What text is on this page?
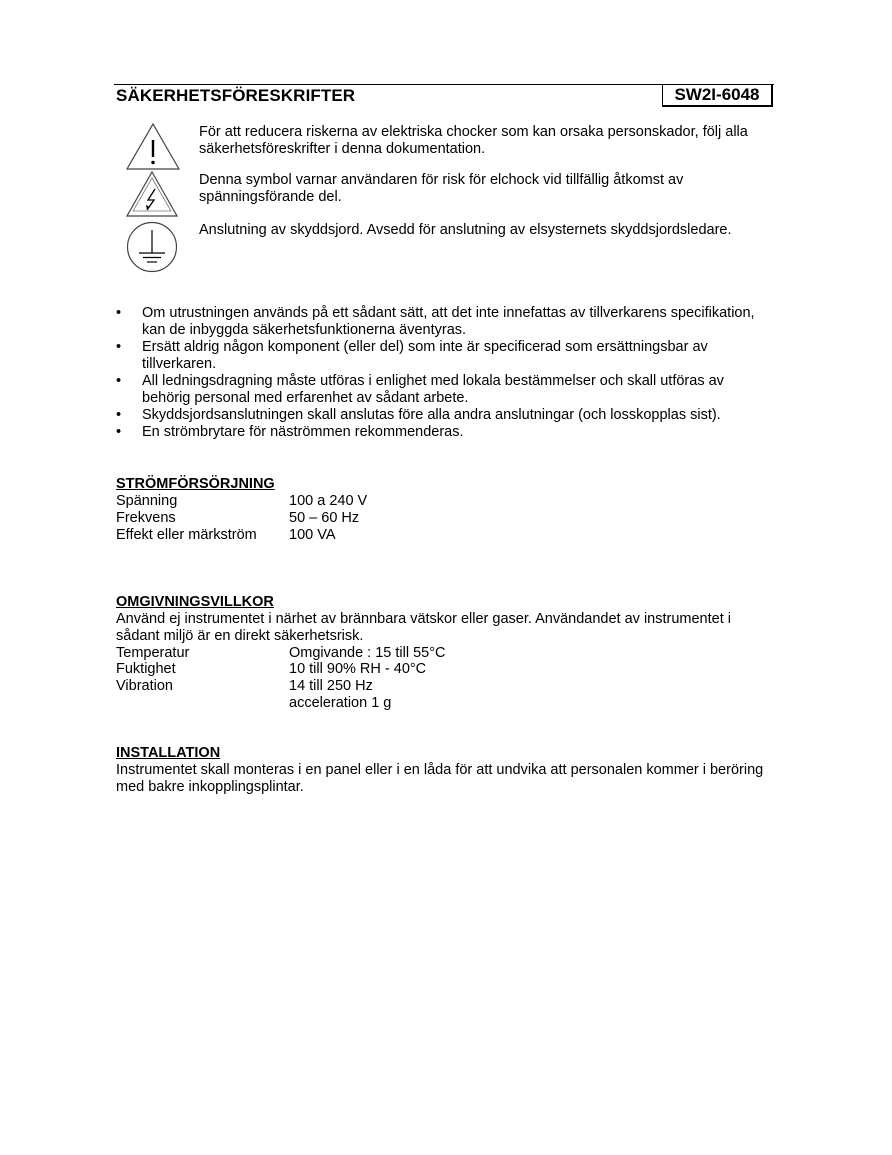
SÄKERHETSFÖRESKRIFTER	SW2I-6048
För att reducera riskerna av elektriska chocker som kan orsaka personskador, följ alla säkerhetsföreskrifter i denna dokumentation.
Denna symbol varnar användaren för risk för elchock vid tillfällig åtkomst av spänningsförande del.
Anslutning av skyddsjord. Avsedd för anslutning av elsysternets skyddsjordsledare.
• Om utrustningen används på ett sådant sätt, att det inte innefattas av tillverkarens specifikation, kan de inbyggda säkerhetsfunktionerna äventyras.
• Ersätt aldrig någon komponent (eller del) som inte är specificerad som ersättningsbar av tillverkaren.
• All ledningsdragning måste utföras i enlighet med lokala bestämmelser och skall utföras av behörig personal med erfarenhet av sådant arbete.
• Skyddsjordsanslutningen skall anslutas före alla andra anslutningar (och losskopplas sist).
• En strömbrytare för näströmmen rekommenderas.
STRÖMFÖRSÖRJNING
Spänning	100 a 240 V
Frekvens	50 – 60 Hz
Effekt eller märkström 100 VA
OMGIVNINGSVILLKOR
Använd ej instrumentet i närhet av brännbara vätskor eller gaser. Användandet av instrumentet i sådant miljö är en direkt säkerhetsrisk.
Temperatur	Omgivande : 15 till 55°C
Fuktighet	10 till 90% RH - 40°C
Vibration	14 till 250 Hz
acceleration 1 g
INSTALLATION
Instrumentet skall monteras i en panel eller i en låda för att undvika att personalen kommer i beröring med bakre inkopplingsplintar.
